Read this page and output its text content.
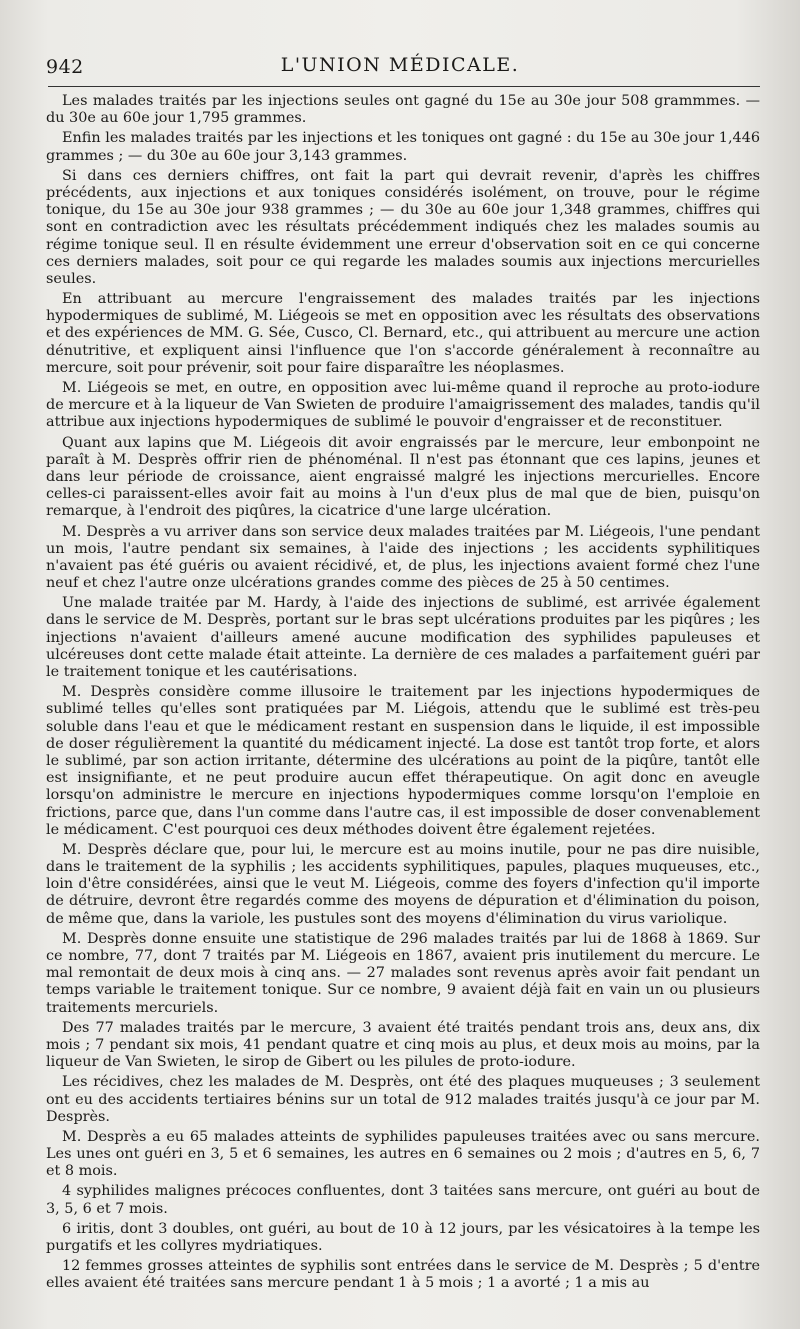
942	L'UNION MÉDICALE.

Les malades traités par les injections seules ont gagné du 15e au 30e jour 508 grammmes. — du 30e au 60e jour 1,795 grammes.

Enfin les malades traités par les injections et les toniques ont gagné : du 15e au 30e jour 1,446 grammes ; — du 30e au 60e jour 3,143 grammes.

Si dans ces derniers chiffres, ont fait la part qui devrait revenir, d'après les chiffres précédents, aux injections et aux toniques considérés isolément, on trouve, pour le régime tonique, du 15e au 30e jour 938 grammes ; — du 30e au 60e jour 1,348 grammes, chiffres qui sont en contradiction avec les résultats précédemment indiqués chez les malades soumis au régime tonique seul. Il en résulte évidemment une erreur d'observation soit en ce qui concerne ces derniers malades, soit pour ce qui regarde les malades soumis aux injections mercurielles seules.

En attribuant au mercure l'engraissement des malades traités par les injections hypodermiques de sublimé, M. Liégeois se met en opposition avec les résultats des observations et des expériences de MM. G. Sée, Cusco, Cl. Bernard, etc., qui attribuent au mercure une action dénutritive, et expliquent ainsi l'influence que l'on s'accorde généralement à reconnaître au mercure, soit pour prévenir, soit pour faire disparaître les néoplasmes.

M. Liégeois se met, en outre, en opposition avec lui-même quand il reproche au proto-iodure de mercure et à la liqueur de Van Swieten de produire l'amaigrissement des malades, tandis qu'il attribue aux injections hypodermiques de sublimé le pouvoir d'engraisser et de reconstituer.

Quant aux lapins que M. Liégeois dit avoir engraissés par le mercure, leur embonpoint ne paraît à M. Desprès offrir rien de phénoménal. Il n'est pas étonnant que ces lapins, jeunes et dans leur période de croissance, aient engraissé malgré les injections mercurielles. Encore celles-ci paraissent-elles avoir fait au moins à l'un d'eux plus de mal que de bien, puisqu'on remarque, à l'endroit des piqûres, la cicatrice d'une large ulcération.

M. Desprès a vu arriver dans son service deux malades traitées par M. Liégeois, l'une pendant un mois, l'autre pendant six semaines, à l'aide des injections ; les accidents syphilitiques n'avaient pas été guéris ou avaient récidivé, et, de plus, les injections avaient formé chez l'une neuf et chez l'autre onze ulcérations grandes comme des pièces de 25 à 50 centimes.

Une malade traitée par M. Hardy, à l'aide des injections de sublimé, est arrivée également dans le service de M. Desprès, portant sur le bras sept ulcérations produites par les piqûres ; les injections n'avaient d'ailleurs amené aucune modification des syphilides papuleuses et ulcéreuses dont cette malade était atteinte. La dernière de ces malades a parfaitement guéri par le traitement tonique et les cautérisations.

M. Desprès considère comme illusoire le traitement par les injections hypodermiques de sublimé telles qu'elles sont pratiquées par M. Liégois, attendu que le sublimé est très-peu soluble dans l'eau et que le médicament restant en suspension dans le liquide, il est impossible de doser régulièrement la quantité du médicament injecté. La dose est tantôt trop forte, et alors le sublimé, par son action irritante, détermine des ulcérations au point de la piqûre, tantôt elle est insignifiante, et ne peut produire aucun effet thérapeutique. On agit donc en aveugle lorsqu'on administre le mercure en injections hypodermiques comme lorsqu'on l'emploie en frictions, parce que, dans l'un comme dans l'autre cas, il est impossible de doser convenablement le médicament. C'est pourquoi ces deux méthodes doivent être également rejetées.

M. Desprès déclare que, pour lui, le mercure est au moins inutile, pour ne pas dire nuisible, dans le traitement de la syphilis ; les accidents syphilitiques, papules, plaques muqueuses, etc., loin d'être considérées, ainsi que le veut M. Liégeois, comme des foyers d'infection qu'il importe de détruire, devront être regardés comme des moyens de dépuration et d'élimination du poison, de même que, dans la variole, les pustules sont des moyens d'élimination du virus variolique.

M. Desprès donne ensuite une statistique de 296 malades traités par lui de 1868 à 1869. Sur ce nombre, 77, dont 7 traités par M. Liégeois en 1867, avaient pris inutilement du mercure. Le mal remontait de deux mois à cinq ans. — 27 malades sont revenus après avoir fait pendant un temps variable le traitement tonique. Sur ce nombre, 9 avaient déjà fait en vain un ou plusieurs traitements mercuriels.

Des 77 malades traités par le mercure, 3 avaient été traités pendant trois ans, deux ans, dix mois ; 7 pendant six mois, 41 pendant quatre et cinq mois au plus, et deux mois au moins, par la liqueur de Van Swieten, le sirop de Gibert ou les pilules de proto-iodure.

Les récidives, chez les malades de M. Desprès, ont été des plaques muqueuses ; 3 seulement ont eu des accidents tertiaires bénins sur un total de 912 malades traités jusqu'à ce jour par M. Desprès.

M. Desprès a eu 65 malades atteints de syphilides papuleuses traitées avec ou sans mercure. Les unes ont guéri en 3, 5 et 6 semaines, les autres en 6 semaines ou 2 mois ; d'autres en 5, 6, 7 et 8 mois.

4 syphilides malignes précoces confluentes, dont 3 taitées sans mercure, ont guéri au bout de 3, 5, 6 et 7 mois.

6 iritis, dont 3 doubles, ont guéri, au bout de 10 à 12 jours, par les vésicatoires à la tempe les purgatifs et les collyres mydriatiques.

12 femmes grosses atteintes de syphilis sont entrées dans le service de M. Desprès ; 5 d'entre elles avaient été traitées sans mercure pendant 1 à 5 mois ; 1 a avorté ; 1 a mis au
